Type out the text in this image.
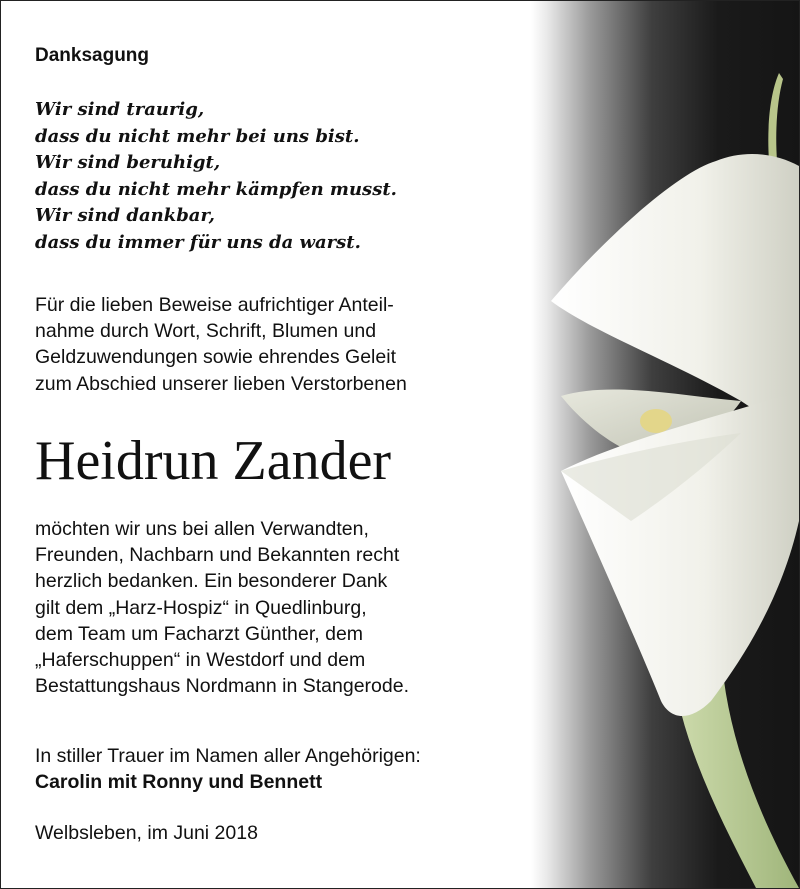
Danksagung
Wir sind traurig,
dass du nicht mehr bei uns bist.
Wir sind beruhigt,
dass du nicht mehr kämpfen musst.
Wir sind dankbar,
dass du immer für uns da warst.
Für die lieben Beweise aufrichtiger Anteil-
nahme durch Wort, Schrift, Blumen und
Geldzuwendungen sowie ehrendes Geleit
zum Abschied unserer lieben Verstorbenen
Heidrun Zander
möchten wir uns bei allen Verwandten,
Freunden, Nachbarn und Bekannten recht
herzlich bedanken. Ein besonderer Dank
gilt dem „Harz-Hospiz“ in Quedlinburg,
dem Team um Facharzt Günther, dem
„Haferschuppen“ in Westdorf und dem
Bestattungshaus Nordmann in Stangerode.
In stiller Trauer im Namen aller Angehörigen:
Carolin mit Ronny und Bennett
Welbsleben, im Juni 2018
